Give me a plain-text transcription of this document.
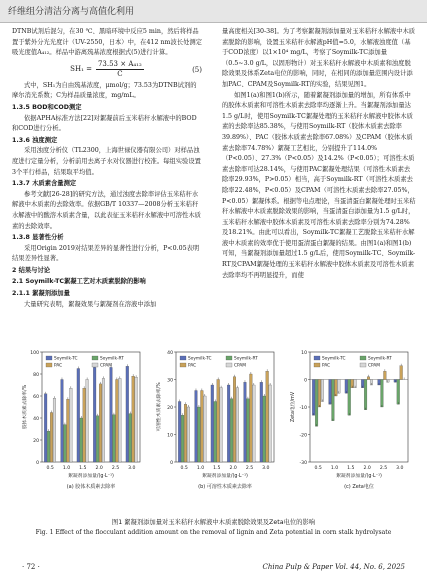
纤维组分清洁分离与高值化利用

DTNB试剂后混匀，在30 ℃、黑暗环境中反应5 min，然后将样品置于紫外分光光度计（UV-2550，日本）中，在412 nm波长处测定吸光度值A₄₁₂。样品中游离巯基浓度根据式(5)进行计算。

$SH_1 = \frac{\text{73.53 × A₄₁₂}}{C}$	(5)

式中，SH₁为自由巯基浓度，μmol/g；73.53为DTNB试剂的摩尔消光系数；C为样品质量浓度，mg/mL。

1.3.5 BOD和COD测定

依据APHA标准方法[22]对絮凝前后玉米秸秆水解液中的BOD和COD进行分析。

1.3.6 浊度测定

采用浊度分析仪（TL2300，上海世禄仪器有限公司）对样品浊度进行定量分析，分析前用去离子水对仪器进行校准。每组实验设置3个平行样品，结果取平均值。

1.3.7 木质素含量测定

参考文献[26-28]的研究方法，通过浊度去除率评估玉米秸秆水解液中木质素的去除效率。依据GB/T 10337—2008分析玉米秸秆水解液中的酸溶木质素含量，以此表征玉米秸秆水解液中可溶性木质素的去除效率。

1.3.8 显著性分析

采用Origin 2019对结果差异的显著性进行分析，P<0.05表明结果差异性显著。

2 结果与讨论

2.1 Soymilk-TC絮凝工艺对木质素脱除的影响

2.1.1 絮凝剂添加量

大量研究表明，絮凝效果与絮凝剂在溶液中添加

量高度相关[30-38]。为了考察絮凝剂添加量对玉米秸秆水解液中木质素脱除的影响，设置玉米秸秆水解液pH值=5.0，水解液浊度值（基于COD浓度）以1×10⁴ mg/L，考察了Soymilk-TC添加量（0.5~3.0 g/L，以固形物计）对玉米秸秆水解液中木质素和浊度脱除效果及体系Zeta电位的影响，同时，在相同的添加量范围内设计添加PAC、CPAM及Soymilk-RT的实验，结果见图1。

如图1(a)和图1(b)所示，随着絮凝剂添加量的增加，所有体系中的胶体木质素和可溶性木质素去除率均逐渐上升。当絮凝剂添加量达1.5 g/L时，使用Soymilk-TC絮凝处理的玉米秸秆水解液中胶体木质素的去除率达85.38%，与使用Soymilk-RT（胶体木质素去除率39.89%）、PAC（胶体木质素去除率67.08%）及CPAM（胶体木质素去除率74.78%）絮凝工艺相比，分别提升了114.0%（P<0.05）、27.3%（P<0.05）及14.2%（P<0.05）；可溶性木质素去除率可达28.14%，与使用PAC絮凝处理结果（可溶性木质素去除率29.93%，P>0.05）相当，高于Soymilk-RT（可溶性木质素去除率22.48%，P<0.05）及CPAM（可溶性木质素去除率27.05%，P<0.05）絮凝体系。根据等电点理论，当蛋清蛋白絮凝处理时玉米秸秆水解液中木质素脱除效果的影响，当蛋清蛋白添加量为1.5 g/L时，玉米秸秆水解液中胶体木质素及可溶性木质素去除率分别为74.28%及18.21%。由此可以看出，Soymilk-TC絮凝工艺脱除玉米秸秆水解液中木质素的效率优于使用蛋清蛋白絮凝的结果。由图1(a)和图1(b)可知，当絮凝剂添加量超过1.5 g/L后，使用Soymilk-TC、Soymilk-RT及CPAM絮凝处理的玉米秸秆水解液中胶体木质素及可溶性木质素去除率均不再明显提升，而使

0
20
40
60
80
100
0.5 1.0 1.5 2.0 2.5 3.0
絮凝剂添加量/(g·L⁻¹)
胶体木质素去除率/%
Soymilk-TC	Soymilk-RT
PAC	CPAM
(a) 胶体木质素去除率
0
10
20
30
40
0.5 1.0 1.5 2.0 2.5 3.0
絮凝剂添加量/(g·L⁻¹)
可溶性木质素去除率/%
Soymilk-TC	Soymilk-RT
PAC	CPAM
(b) 可溶性木质素去除率
-30
-20
-10
0
10
0.5 1.0 1.5 2.0 2.5 3.0
絮凝剂添加量/(g·L⁻¹)
Zeta电位/mV
Soymilk-TC	Soymilk-RT
PAC	CPAM
(c) Zeta电位
图1 絮凝剂添加量对玉米秸秆水解液中木质素脱除效果及Zeta电位的影响
Fig. 1 Effect of the flocculant addition amount on the removal of lignin and Zeta potential in corn stalk hydrolysate
· 72 ·	China Pulp & Paper Vol. 44, No. 6, 2025
